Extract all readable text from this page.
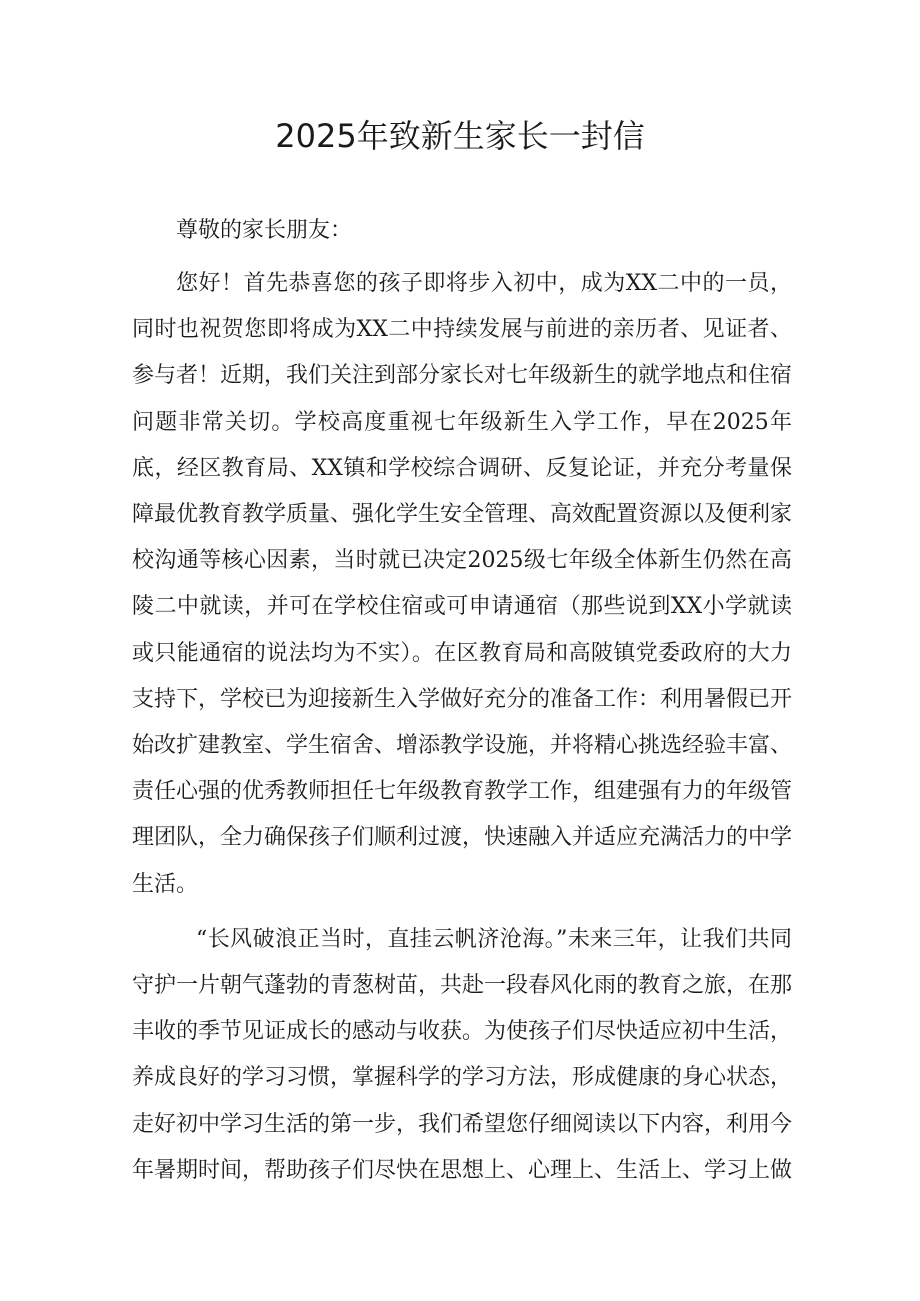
2025年致新生家长一封信

尊敬的家长朋友：

您好！首先恭喜您的孩子即将步入初中，成为XX二中的一员，同时也祝贺您即将成为XX二中持续发展与前进的亲历者、见证者、参与者！近期，我们关注到部分家长对七年级新生的就学地点和住宿问题非常关切。学校高度重视七年级新生入学工作，早在2025年底，经区教育局、XX镇和学校综合调研、反复论证，并充分考量保障最优教育教学质量、强化学生安全管理、高效配置资源以及便利家校沟通等核心因素，当时就已决定2025级七年级全体新生仍然在高陵二中就读，并可在学校住宿或可申请通宿（那些说到XX小学就读或只能通宿的说法均为不实）。在区教育局和高陂镇党委政府的大力支持下，学校已为迎接新生入学做好充分的准备工作：利用暑假已开始改扩建教室、学生宿舍、增添教学设施，并将精心挑选经验丰富、责任心强的优秀教师担任七年级教育教学工作，组建强有力的年级管理团队，全力确保孩子们顺利过渡，快速融入并适应充满活力的中学生活。

“长风破浪正当时，直挂云帆济沧海。”未来三年，让我们共同守护一片朝气蓬勃的青葱树苗，共赴一段春风化雨的教育之旅，在那丰收的季节见证成长的感动与收获。为使孩子们尽快适应初中生活，养成良好的学习习惯，掌握科学的学习方法，形成健康的身心状态，走好初中学习生活的第一步，我们希望您仔细阅读以下内容，利用今年暑期时间，帮助孩子们尽快在思想上、心理上、生活上、学习上做
